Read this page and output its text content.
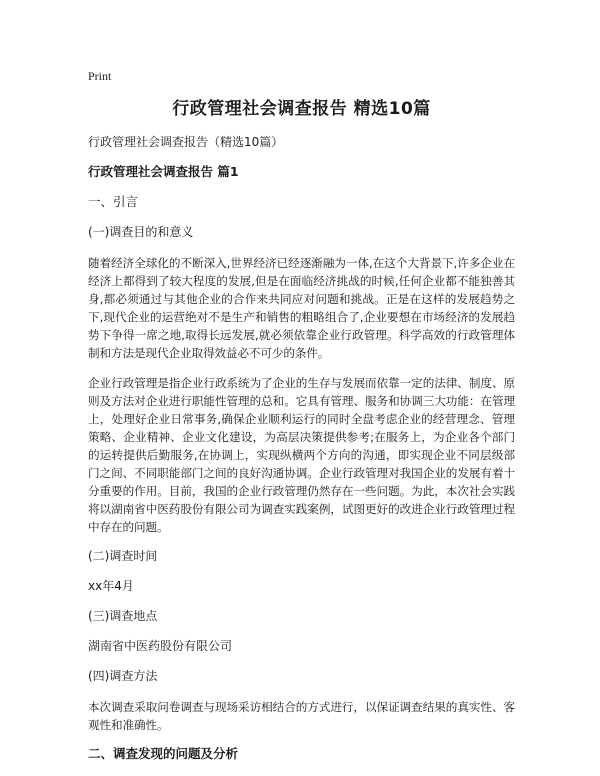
Print
行政管理社会调查报告 精选10篇
行政管理社会调查报告（精选10篇）
行政管理社会调查报告 篇1
一、引言
(一)调查目的和意义

随着经济全球化的不断深入,世界经济已经逐渐融为一体,在这个大背景下,许多企业在经济上都得到了较大程度的发展,但是在面临经济挑战的时候,任何企业都不能独善其身,都必须通过与其他企业的合作来共同应对问题和挑战。正是在这样的发展趋势之下,现代企业的运营绝对不是生产和销售的粗略组合了,企业要想在市场经济的发展趋势下争得一席之地,取得长远发展,就必须依靠企业行政管理。科学高效的行政管理体制和方法是现代企业取得效益必不可少的条件。

企业行政管理是指企业行政系统为了企业的生存与发展而依靠一定的法律、制度、原则及方法对企业进行职能性管理的总和。它具有管理、服务和协调三大功能：在管理上，处理好企业日常事务,确保企业顺利运行的同时全盘考虑企业的经营理念、管理策略、企业精神、企业文化建设，为高层决策提供参考;在服务上，为企业各个部门的运转提供后勤服务,在协调上，实现纵横两个方向的沟通，即实现企业不同层级部门之间、不同职能部门之间的良好沟通协调。企业行政管理对我国企业的发展有着十分重要的作用。目前，我国的企业行政管理仍然存在一些问题。为此，本次社会实践将以湖南省中医药股份有限公司为调查实践案例，试图更好的改进企业行政管理过程中存在的问题。

(二)调查时间
xx年4月
(三)调查地点
湖南省中医药股份有限公司
(四)调查方法

本次调查采取问卷调查与现场采访相结合的方式进行，以保证调查结果的真实性、客观性和准确性。

二、调查发现的问题及分析
